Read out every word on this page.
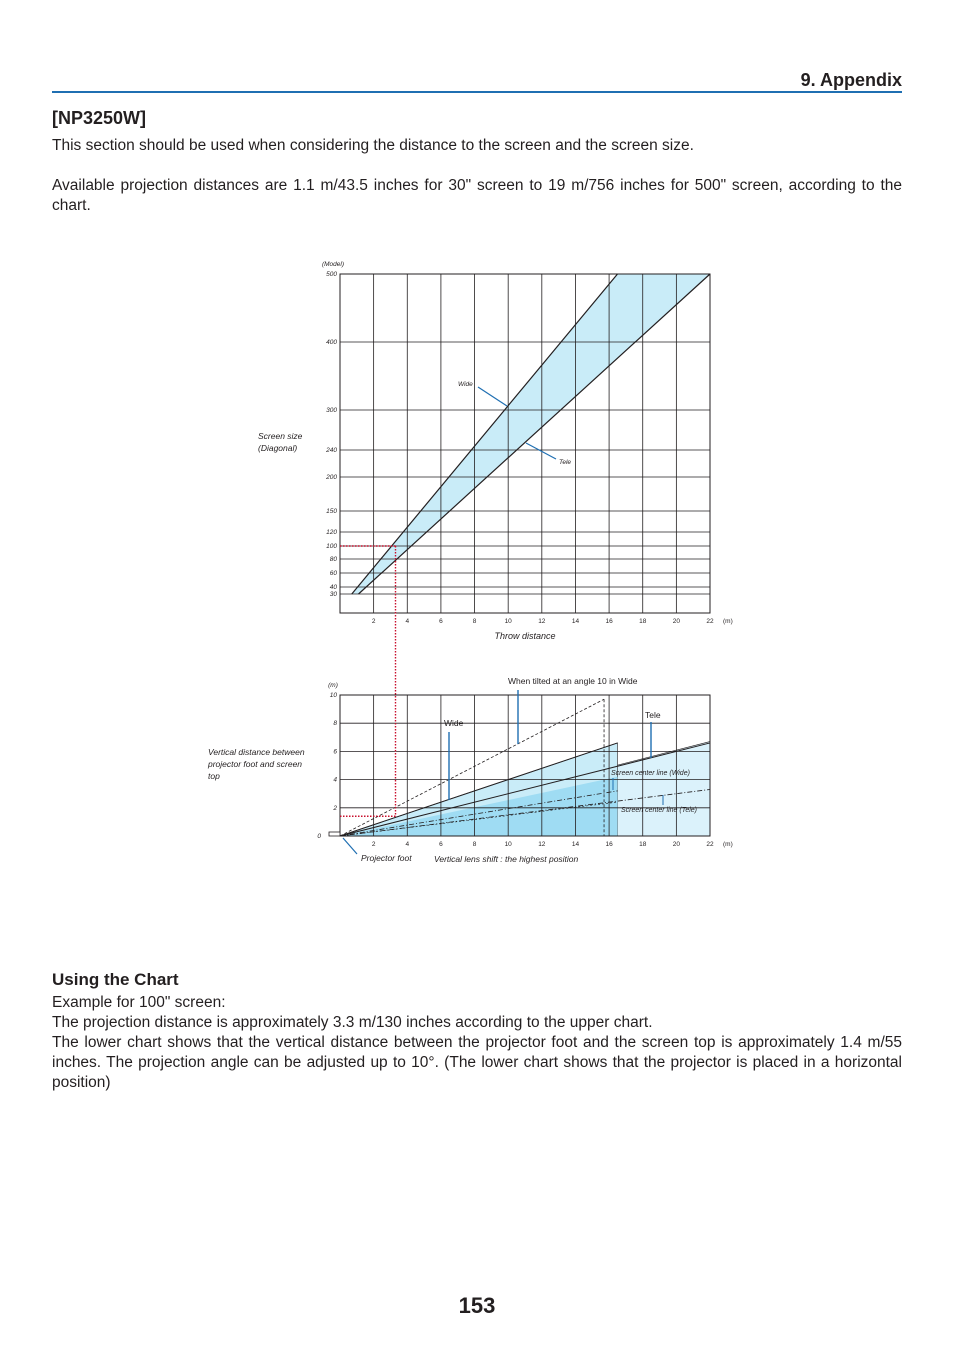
9. Appendix
[NP3250W]
This section should be used when considering the distance to the screen and the screen size.
Available projection distances are 1.1 m/43.5 inches for 30" screen to 19 m/756 inches for 500" screen, according to the chart.
2	4	6	8	10	12	14	16	18	20	22
30
40
60
80
100
120
150
200
240
300
400
500
(m)
(Model)
Throw distance
Screen size
(Diagonal)
Wide
Tele
2	4	6	8	10	12	14	16	18	20	22
0
2
4
6
8
10
(m)
(m)
Vertical distance between
projector foot and screen
top
When tilted at an angle 10 in Wide
Wide
Tele
Screen center line (Wide)
Screen center line (Tele)
Projector foot	Vertical lens shift : the highest position
Using the Chart
Example for 100" screen:
The projection distance is approximately 3.3 m/130 inches according to the upper chart.
The lower chart shows that the vertical distance between the projector foot and the screen top is approximately 1.4 m/55 inches. The projection angle can be adjusted up to 10°. (The lower chart shows that the projector is placed in a horizontal position)
153
